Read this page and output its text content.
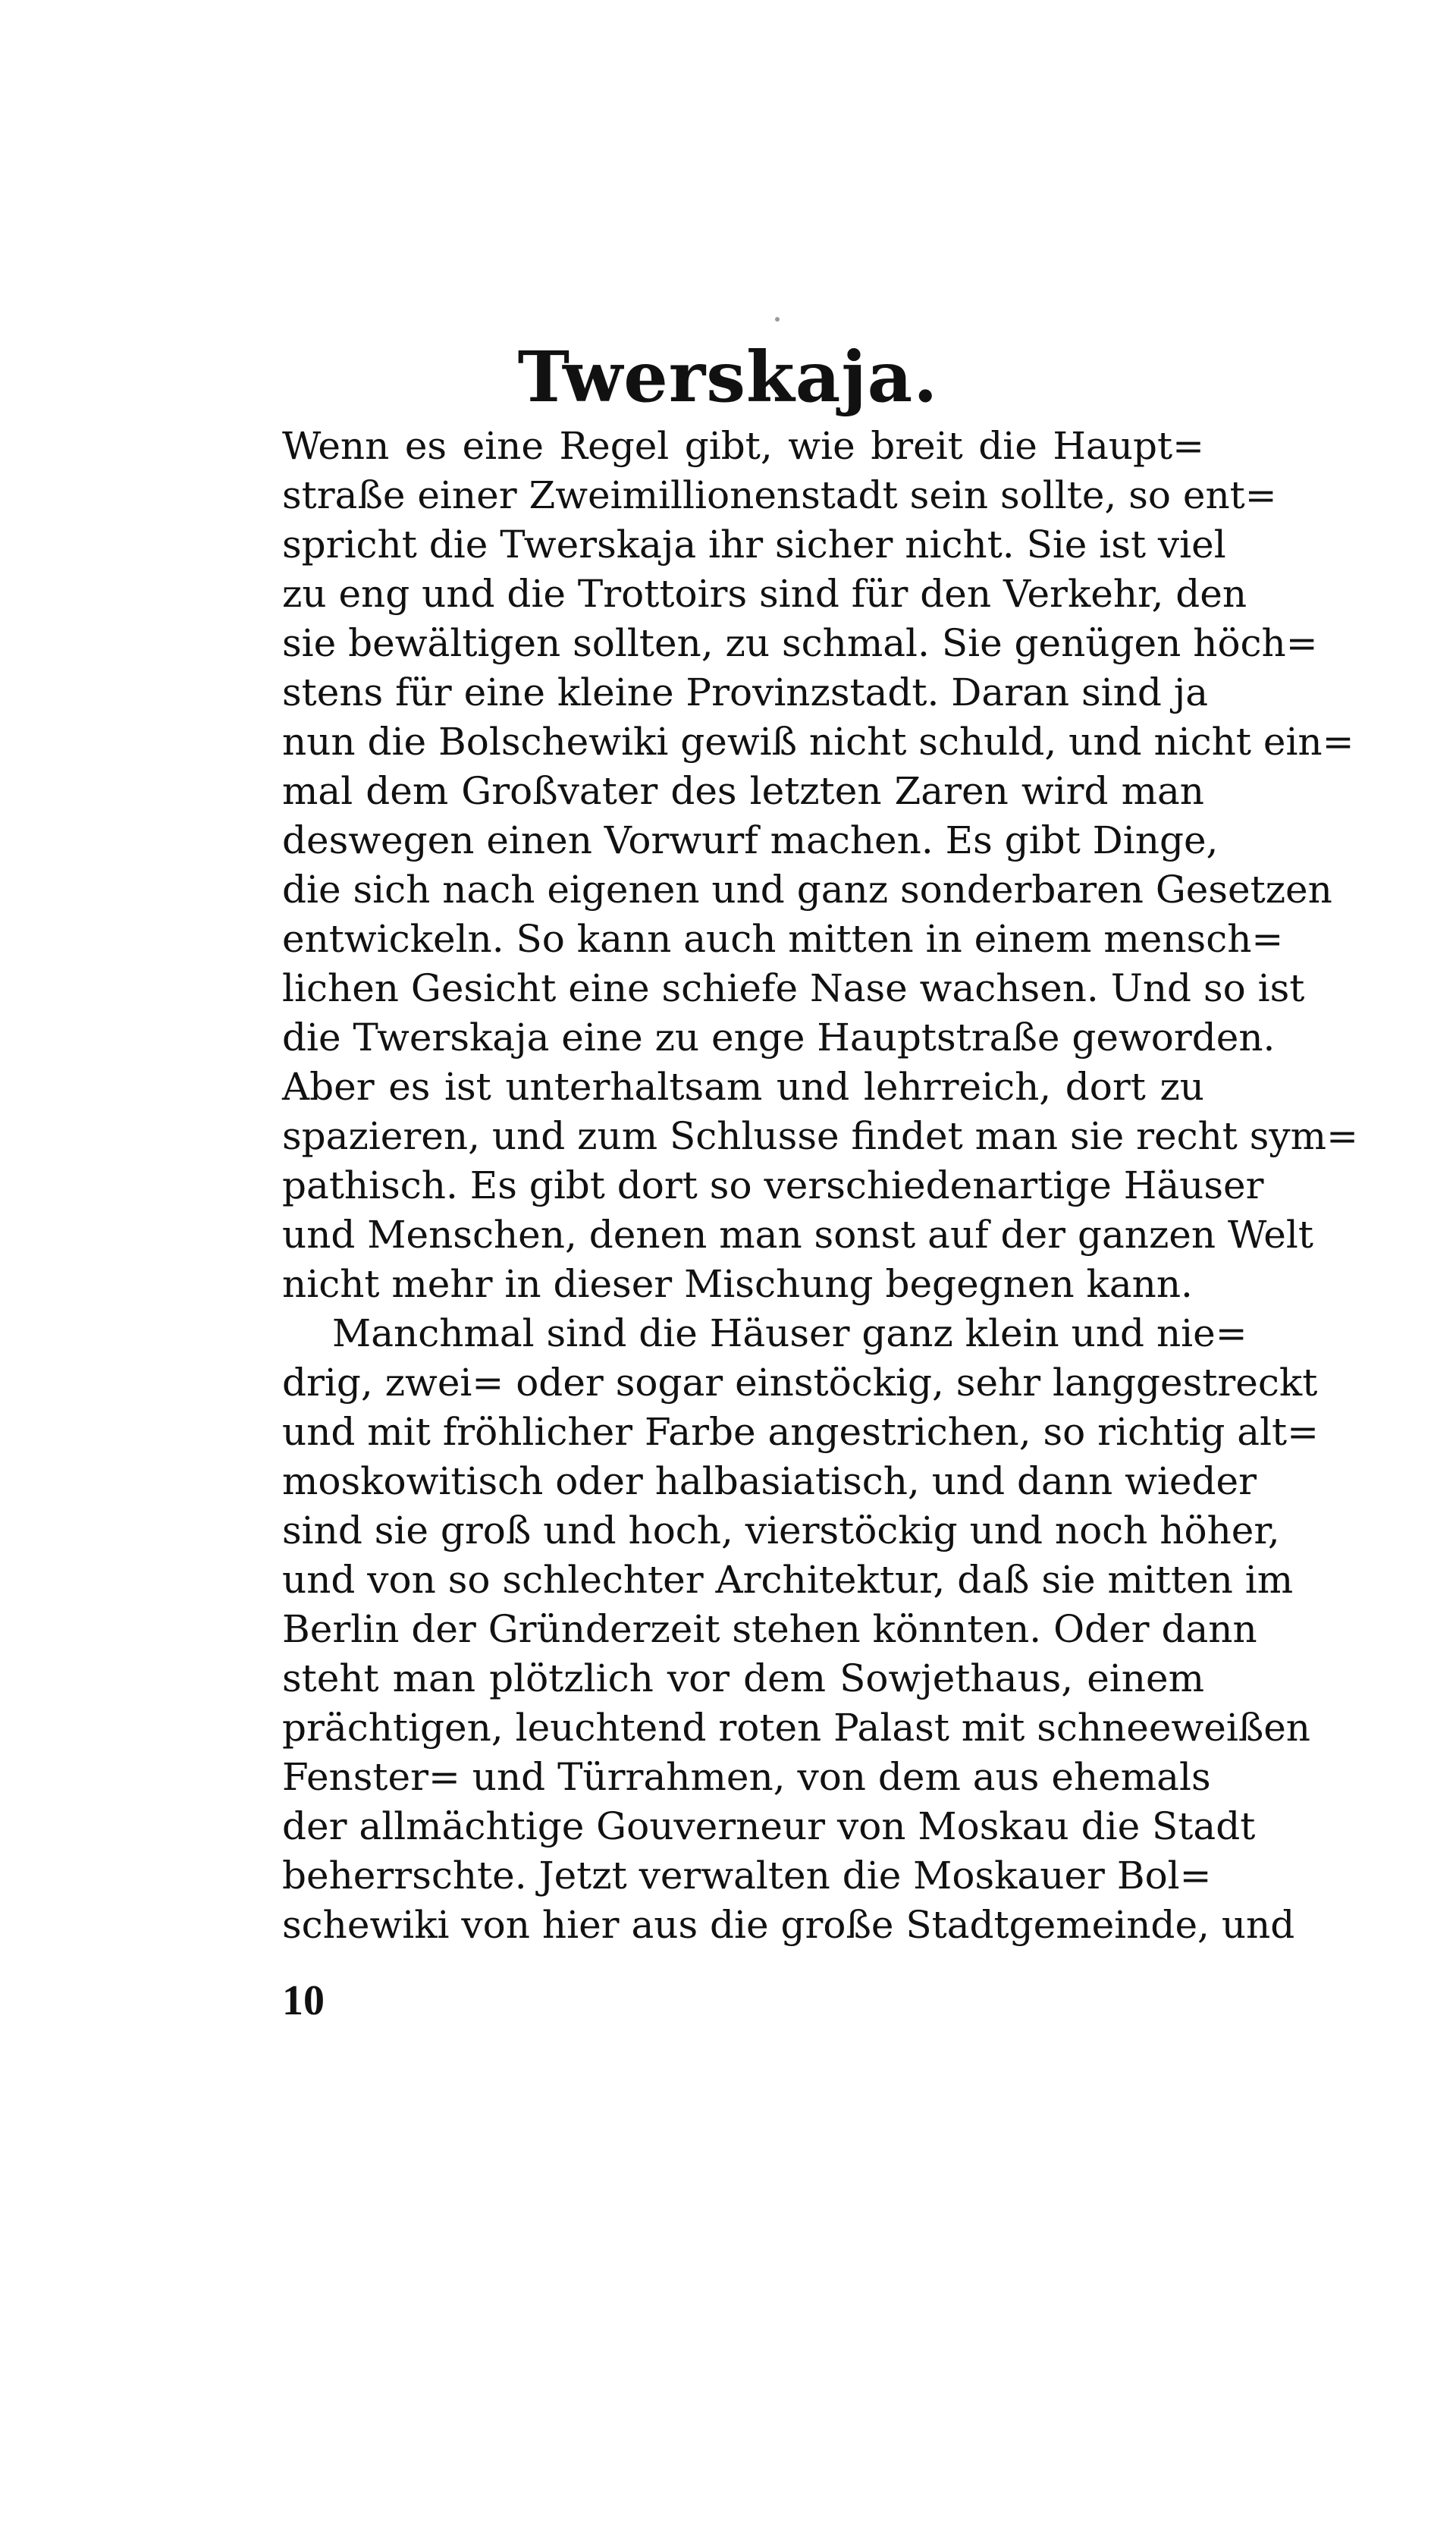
Twerskaja.
Wenn es eine Regel gibt, wie breit die Haupt=
straße einer Zweimillionenstadt sein sollte, so ent=
spricht die Twerskaja ihr sicher nicht. Sie ist viel
zu eng und die Trottoirs sind für den Verkehr, den
sie bewältigen sollten, zu schmal. Sie genügen höch=
stens für eine kleine Provinzstadt. Daran sind ja
nun die Bolschewiki gewiß nicht schuld, und nicht ein=
mal dem Großvater des letzten Zaren wird man
deswegen einen Vorwurf machen. Es gibt Dinge,
die sich nach eigenen und ganz sonderbaren Gesetzen
entwickeln. So kann auch mitten in einem mensch=
lichen Gesicht eine schiefe Nase wachsen. Und so ist
die Twerskaja eine zu enge Hauptstraße geworden.
Aber es ist unterhaltsam und lehrreich, dort zu
spazieren, und zum Schlusse findet man sie recht sym=
pathisch. Es gibt dort so verschiedenartige Häuser
und Menschen, denen man sonst auf der ganzen Welt
nicht mehr in dieser Mischung begegnen kann.
Manchmal sind die Häuser ganz klein und nie=
drig, zwei= oder sogar einstöckig, sehr langgestreckt
und mit fröhlicher Farbe angestrichen, so richtig alt=
moskowitisch oder halbasiatisch, und dann wieder
sind sie groß und hoch, vierstöckig und noch höher,
und von so schlechter Architektur, daß sie mitten im
Berlin der Gründerzeit stehen könnten. Oder dann
steht man plötzlich vor dem Sowjethaus, einem
prächtigen, leuchtend roten Palast mit schneeweißen
Fenster= und Türrahmen, von dem aus ehemals
der allmächtige Gouverneur von Moskau die Stadt
beherrschte. Jetzt verwalten die Moskauer Bol=
schewiki von hier aus die große Stadtgemeinde, und
10
